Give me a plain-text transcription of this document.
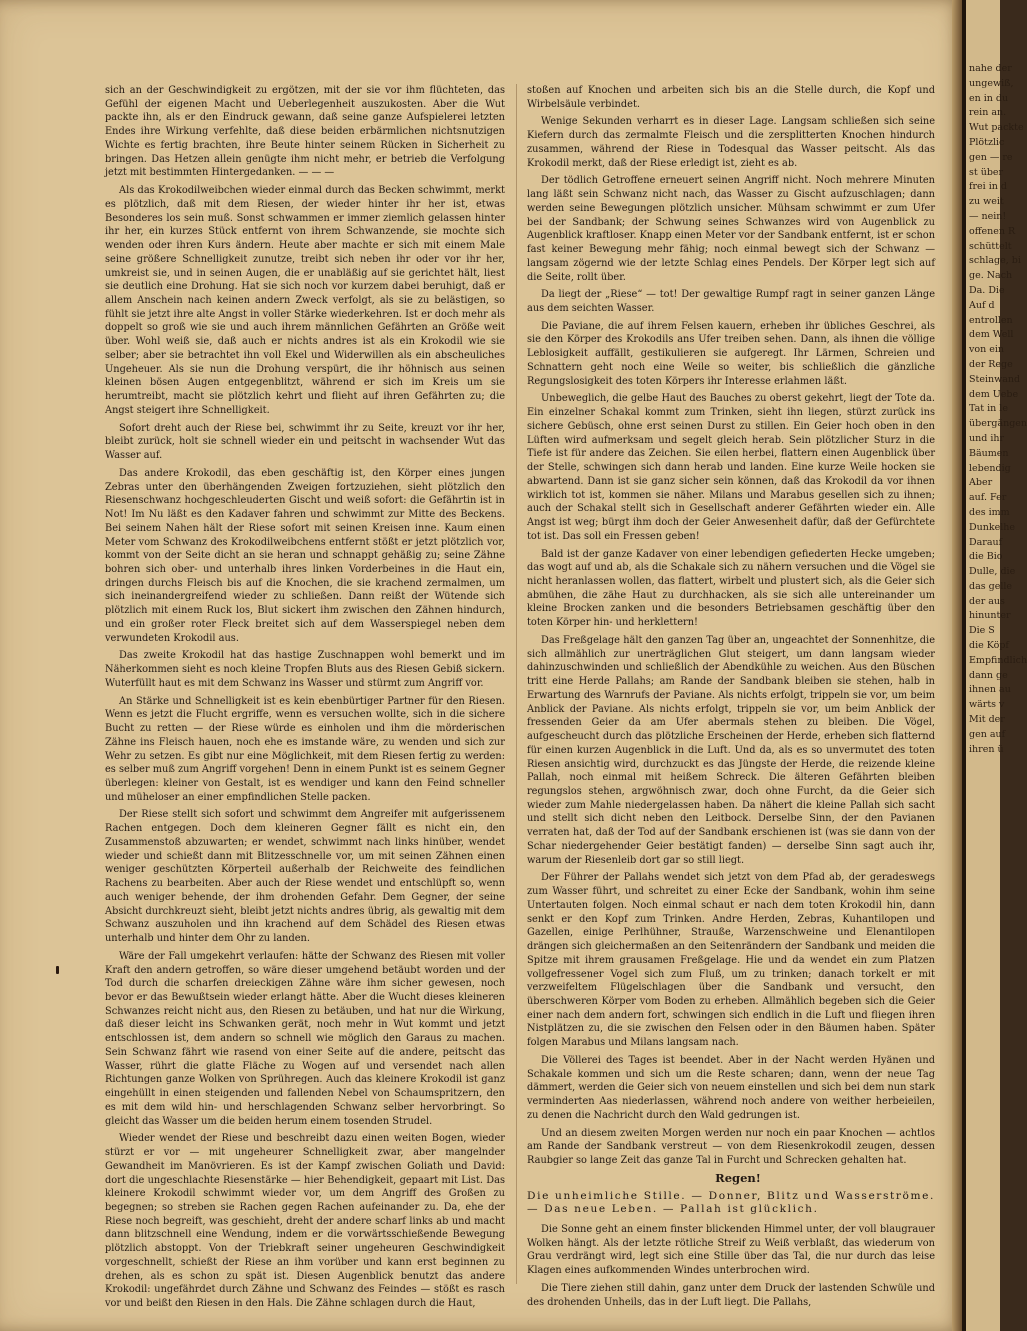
sich an der Geschwindigkeit zu ergötzen, mit der sie vor ihm flüchteten, das Gefühl der eigenen Macht und Ueberlegenheit auszukosten. Aber die Wut packte ihn, als er den Eindruck gewann, daß seine ganze Aufspielerei letzten Endes ihre Wirkung verfehlte, daß diese beiden erbärmlichen nichtsnutzigen Wichte es fertig brachten, ihre Beute hinter seinem Rücken in Sicherheit zu bringen. Das Hetzen allein genügte ihm nicht mehr, er betrieb die Verfolgung jetzt mit bestimmten Hintergedanken. — — —

Als das Krokodilweibchen wieder einmal durch das Becken schwimmt, merkt es plötzlich, daß mit dem Riesen, der wieder hinter ihr her ist, etwas Besonderes los sein muß. Sonst schwammen er immer ziemlich gelassen hinter ihr her, ein kurzes Stück entfernt von ihrem Schwanzende, sie mochte sich wenden oder ihren Kurs ändern. Heute aber machte er sich mit einem Male seine größere Schnelligkeit zunutze, treibt sich neben ihr oder vor ihr her, umkreist sie, und in seinen Augen, die er unabläßig auf sie gerichtet hält, liest sie deutlich eine Drohung. Hat sie sich noch vor kurzem dabei beruhigt, daß er allem Anschein nach keinen andern Zweck verfolgt, als sie zu belästigen, so fühlt sie jetzt ihre alte Angst in voller Stärke wiederkehren. Ist er doch mehr als doppelt so groß wie sie und auch ihrem männlichen Gefährten an Größe weit über. Wohl weiß sie, daß auch er nichts andres ist als ein Krokodil wie sie selber; aber sie betrachtet ihn voll Ekel und Widerwillen als ein abscheuliches Ungeheuer. Als sie nun die Drohung verspürt, die ihr höhnisch aus seinen kleinen bösen Augen entgegenblitzt, während er sich im Kreis um sie herumtreibt, macht sie plötzlich kehrt und flieht auf ihren Gefährten zu; die Angst steigert ihre Schnelligkeit.

Sofort dreht auch der Riese bei, schwimmt ihr zu Seite, kreuzt vor ihr her, bleibt zurück, holt sie schnell wieder ein und peitscht in wachsender Wut das Wasser auf.

Das andere Krokodil, das eben geschäftig ist, den Körper eines jungen Zebras unter den überhängenden Zweigen fortzuziehen, sieht plötzlich den Riesenschwanz hochgeschleuderten Gischt und weiß sofort: die Gefährtin ist in Not! Im Nu läßt es den Kadaver fahren und schwimmt zur Mitte des Beckens. Bei seinem Nahen hält der Riese sofort mit seinen Kreisen inne. Kaum einen Meter vom Schwanz des Krokodilweibchens entfernt stößt er jetzt plötzlich vor, kommt von der Seite dicht an sie heran und schnappt gehäßig zu; seine Zähne bohren sich ober- und unterhalb ihres linken Vorderbeines in die Haut ein, dringen durchs Fleisch bis auf die Knochen, die sie krachend zermalmen, um sich ineinandergreifend wieder zu schließen. Dann reißt der Wütende sich plötzlich mit einem Ruck los, Blut sickert ihm zwischen den Zähnen hindurch, und ein großer roter Fleck breitet sich auf dem Wasserspiegel neben dem verwundeten Krokodil aus.

Das zweite Krokodil hat das hastige Zuschnappen wohl bemerkt und im Näherkommen sieht es noch kleine Tropfen Bluts aus des Riesen Gebiß sickern. Wuterfüllt haut es mit dem Schwanz ins Wasser und stürmt zum Angriff vor.

An Stärke und Schnelligkeit ist es kein ebenbürtiger Partner für den Riesen. Wenn es jetzt die Flucht ergriffe, wenn es versuchen wollte, sich in die sichere Bucht zu retten — der Riese würde es einholen und ihm die mörderischen Zähne ins Fleisch hauen, noch ehe es imstande wäre, zu wenden und sich zur Wehr zu setzen. Es gibt nur eine Möglichkeit, mit dem Riesen fertig zu werden: es selber muß zum Angriff vorgehen! Denn in einem Punkt ist es seinem Gegner überlegen: kleiner von Gestalt, ist es wendiger und kann den Feind schneller und müheloser an einer empfindlichen Stelle packen.

Der Riese stellt sich sofort und schwimmt dem Angreifer mit aufgerissenem Rachen entgegen. Doch dem kleineren Gegner fällt es nicht ein, den Zusammenstoß abzuwarten; er wendet, schwimmt nach links hinüber, wendet wieder und schießt dann mit Blitzesschnelle vor, um mit seinen Zähnen einen weniger geschützten Körperteil außerhalb der Reichweite des feindlichen Rachens zu bearbeiten. Aber auch der Riese wendet und entschlüpft so, wenn auch weniger behende, der ihm drohenden Gefahr. Dem Gegner, der seine Absicht durchkreuzt sieht, bleibt jetzt nichts andres übrig, als gewaltig mit dem Schwanz auszuholen und ihn krachend auf dem Schädel des Riesen etwas unterhalb und hinter dem Ohr zu landen.

Wäre der Fall umgekehrt verlaufen: hätte der Schwanz des Riesen mit voller Kraft den andern getroffen, so wäre dieser umgehend betäubt worden und der Tod durch die scharfen dreieckigen Zähne wäre ihm sicher gewesen, noch bevor er das Bewußtsein wieder erlangt hätte. Aber die Wucht dieses kleineren Schwanzes reicht nicht aus, den Riesen zu betäuben, und hat nur die Wirkung, daß dieser leicht ins Schwanken gerät, noch mehr in Wut kommt und jetzt entschlossen ist, dem andern so schnell wie möglich den Garaus zu machen. Sein Schwanz fährt wie rasend von einer Seite auf die andere, peitscht das Wasser, rührt die glatte Fläche zu Wogen auf und versendet nach allen Richtungen ganze Wolken von Sprühregen. Auch das kleinere Krokodil ist ganz eingehüllt in einen steigenden und fallenden Nebel von Schaumspritzern, den es mit dem wild hin- und herschlagenden Schwanz selber hervorbringt. So gleicht das Wasser um die beiden herum einem tosenden Strudel.

Wieder wendet der Riese und beschreibt dazu einen weiten Bogen, wieder stürzt er vor — mit ungeheurer Schnelligkeit zwar, aber mangelnder Gewandheit im Manövrieren. Es ist der Kampf zwischen Goliath und David: dort die ungeschlachte Riesenstärke — hier Behendigkeit, gepaart mit List. Das kleinere Krokodil schwimmt wieder vor, um dem Angriff des Großen zu begegnen; so streben sie Rachen gegen Rachen aufeinander zu. Da, ehe der Riese noch begreift, was geschieht, dreht der andere scharf links ab und macht dann blitzschnell eine Wendung, indem er die vorwärtsschießende Bewegung plötzlich abstoppt. Von der Triebkraft seiner ungeheuren Geschwindigkeit vorgeschnellt, schießt der Riese an ihm vorüber und kann erst beginnen zu drehen, als es schon zu spät ist. Diesen Augenblick benutzt das andere Krokodil: ungefährdet durch Zähne und Schwanz des Feindes — stößt es rasch vor und beißt den Riesen in den Hals. Die Zähne schlagen durch die Haut,

stoßen auf Knochen und arbeiten sich bis an die Stelle durch, die Kopf und Wirbelsäule verbindet.

Wenige Sekunden verharrt es in dieser Lage. Langsam schließen sich seine Kiefern durch das zermalmte Fleisch und die zersplitterten Knochen hindurch zusammen, während der Riese in Todesqual das Wasser peitscht. Als das Krokodil merkt, daß der Riese erledigt ist, zieht es ab.

Der tödlich Getroffene erneuert seinen Angriff nicht. Noch mehrere Minuten lang läßt sein Schwanz nicht nach, das Wasser zu Gischt aufzuschlagen; dann werden seine Bewegungen plötzlich unsicher. Mühsam schwimmt er zum Ufer bei der Sandbank; der Schwung seines Schwanzes wird von Augenblick zu Augenblick kraftloser. Knapp einen Meter vor der Sandbank entfernt, ist er schon fast keiner Bewegung mehr fähig; noch einmal bewegt sich der Schwanz — langsam zögernd wie der letzte Schlag eines Pendels. Der Körper legt sich auf die Seite, rollt über.

Da liegt der „Riese“ — tot! Der gewaltige Rumpf ragt in seiner ganzen Länge aus dem seichten Wasser.

Die Paviane, die auf ihrem Felsen kauern, erheben ihr übliches Geschrei, als sie den Körper des Krokodils ans Ufer treiben sehen. Dann, als ihnen die völlige Leblosigkeit auffällt, gestikulieren sie aufgeregt. Ihr Lärmen, Schreien und Schnattern geht noch eine Weile so weiter, bis schließlich die gänzliche Regungslosigkeit des toten Körpers ihr Interesse erlahmen läßt.

Unbeweglich, die gelbe Haut des Bauches zu oberst gekehrt, liegt der Tote da. Ein einzelner Schakal kommt zum Trinken, sieht ihn liegen, stürzt zurück ins sichere Gebüsch, ohne erst seinen Durst zu stillen. Ein Geier hoch oben in den Lüften wird aufmerksam und segelt gleich herab. Sein plötzlicher Sturz in die Tiefe ist für andere das Zeichen. Sie eilen herbei, flattern einen Augenblick über der Stelle, schwingen sich dann herab und landen. Eine kurze Weile hocken sie abwartend. Dann ist sie ganz sicher sein können, daß das Krokodil da vor ihnen wirklich tot ist, kommen sie näher. Milans und Marabus gesellen sich zu ihnen; auch der Schakal stellt sich in Gesellschaft anderer Gefährten wieder ein. Alle Angst ist weg; bürgt ihm doch der Geier Anwesenheit dafür, daß der Gefürchtete tot ist. Das soll ein Fressen geben!

Bald ist der ganze Kadaver von einer lebendigen gefiederten Hecke umgeben; das wogt auf und ab, als die Schakale sich zu nähern versuchen und die Vögel sie nicht heranlassen wollen, das flattert, wirbelt und plustert sich, als die Geier sich abmühen, die zähe Haut zu durchhacken, als sie sich alle untereinander um kleine Brocken zanken und die besonders Betriebsamen geschäftig über den toten Körper hin- und herklettern!

Das Freßgelage hält den ganzen Tag über an, ungeachtet der Sonnenhitze, die sich allmählich zur unerträglichen Glut steigert, um dann langsam wieder dahinzuschwinden und schließlich der Abendkühle zu weichen. Aus den Büschen tritt eine Herde Pallahs; am Rande der Sandbank bleiben sie stehen, halb in Erwartung des Warnrufs der Paviane. Als nichts erfolgt, trippeln sie vor, um beim Anblick der Paviane. Als nichts erfolgt, trippeln sie vor, um beim Anblick der fressenden Geier da am Ufer abermals stehen zu bleiben. Die Vögel, aufgescheucht durch das plötzliche Erscheinen der Herde, erheben sich flatternd für einen kurzen Augenblick in die Luft. Und da, als es so unvermutet des toten Riesen ansichtig wird, durchzuckt es das Jüngste der Herde, die reizende kleine Pallah, noch einmal mit heißem Schreck. Die älteren Gefährten bleiben regungslos stehen, argwöhnisch zwar, doch ohne Furcht, da die Geier sich wieder zum Mahle niedergelassen haben. Da nähert die kleine Pallah sich sacht und stellt sich dicht neben den Leitbock. Derselbe Sinn, der den Pavianen verraten hat, daß der Tod auf der Sandbank erschienen ist (was sie dann von der Schar niedergehender Geier bestätigt fanden) — derselbe Sinn sagt auch ihr, warum der Riesenleib dort gar so still liegt.

Der Führer der Pallahs wendet sich jetzt von dem Pfad ab, der geradeswegs zum Wasser führt, und schreitet zu einer Ecke der Sandbank, wohin ihm seine Untertauten folgen. Noch einmal schaut er nach dem toten Krokodil hin, dann senkt er den Kopf zum Trinken. Andre Herden, Zebras, Kuhantilopen und Gazellen, einige Perlhühner, Strauße, Warzenschweine und Elenantilopen drängen sich gleichermaßen an den Seitenrändern der Sandbank und meiden die Spitze mit ihrem grausamen Freßgelage. Hie und da wendet ein zum Platzen vollgefressener Vogel sich zum Fluß, um zu trinken; danach torkelt er mit verzweifeltem Flügelschlagen über die Sandbank und versucht, den überschweren Körper vom Boden zu erheben. Allmählich begeben sich die Geier einer nach dem andern fort, schwingen sich endlich in die Luft und fliegen ihren Nistplätzen zu, die sie zwischen den Felsen oder in den Bäumen haben. Später folgen Marabus und Milans langsam nach.

Die Völlerei des Tages ist beendet. Aber in der Nacht werden Hyänen und Schakale kommen und sich um die Reste scharen; dann, wenn der neue Tag dämmert, werden die Geier sich von neuem einstellen und sich bei dem nun stark verminderten Aas niederlassen, während noch andere von weither herbeieilen, zu denen die Nachricht durch den Wald gedrungen ist.

Und an diesem zweiten Morgen werden nur noch ein paar Knochen — achtlos am Rande der Sandbank verstreut — von dem Riesenkrokodil zeugen, dessen Raubgier so lange Zeit das ganze Tal in Furcht und Schrecken gehalten hat.

Regen!

Die unheimliche Stille. — Donner, Blitz und Wasserströme. — Das neue Leben. — Pallah ist glücklich.

Die Sonne geht an einem finster blickenden Himmel unter, der voll blaugrauer Wolken hängt. Als der letzte rötliche Streif zu Weiß verblaßt, das wiederum von Grau verdrängt wird, legt sich eine Stille über das Tal, die nur durch das leise Klagen eines aufkommenden Windes unterbrochen wird.

Die Tiere ziehen still dahin, ganz unter dem Druck der lastenden Schwüle und des drohenden Unheils, das in der Luft liegt. Die Pallahs,

nahe der
ungewiß,
en in du
rein an.
Wut packte
Plötzlic
gen — re
st über
frei in d
zu weit
— nein!
offenen R
schüttelt
schlage, bi
ge. Nach
Da. Die
Auf d
entrollen
dem Well
von ein
der Rege
Steinwand
dem Uebe
Tat in le
übergängen
und ihr
Bäumen
lebendig
Aber
auf. Fer
des imm
Dunkelhe
Darauf
die Bio
Dulle, die
das gelle
der aus
hinunter
Die S
die Köpf
Empfindlich
dann ge
ihnen au
wärts v
Mit der
gen auf
ihren ü
